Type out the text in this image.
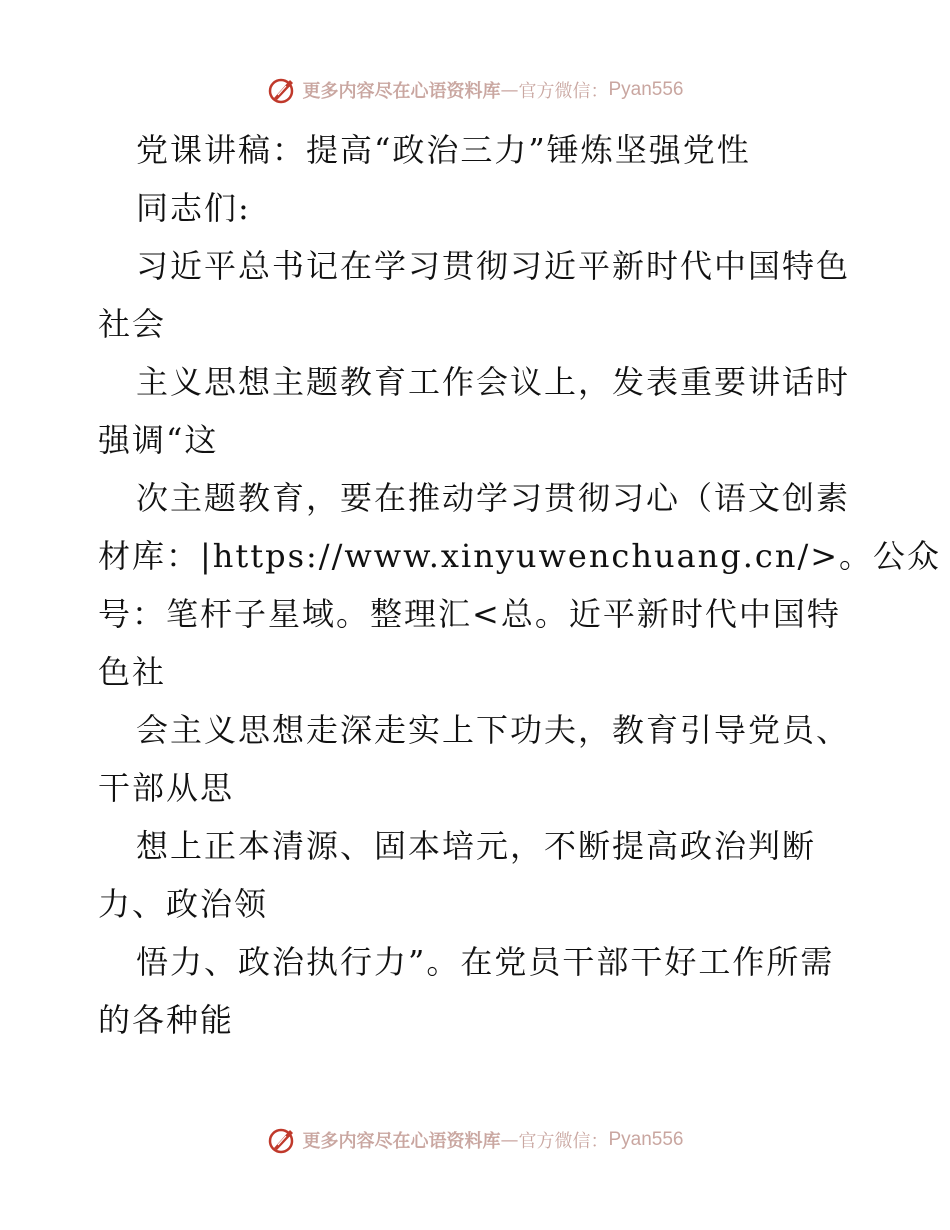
更多内容尽在心语资料库 — 官方微信： Pyan556
党课讲稿：提高“政治三力”锤炼坚强党性
同志们:
习近平总书记在学习贯彻习近平新时代中国特色
社会
主义思想主题教育工作会议上，发表重要讲话时
强调“这
次主题教育，要在推动学习贯彻习心（语文创素
材库：|https://www.xinyuwenchuang.cn/>。公众
号：笔杆子星域。整理汇<总。近平新时代中国特
色社
会主义思想走深走实上下功夫，教育引导党员、
干部从思
想上正本清源、固本培元，不断提高政治判断
力、政治领
悟力、政治执行力”。在党员干部干好工作所需
的各种能
更多内容尽在心语资料库 — 官方微信： Pyan556
